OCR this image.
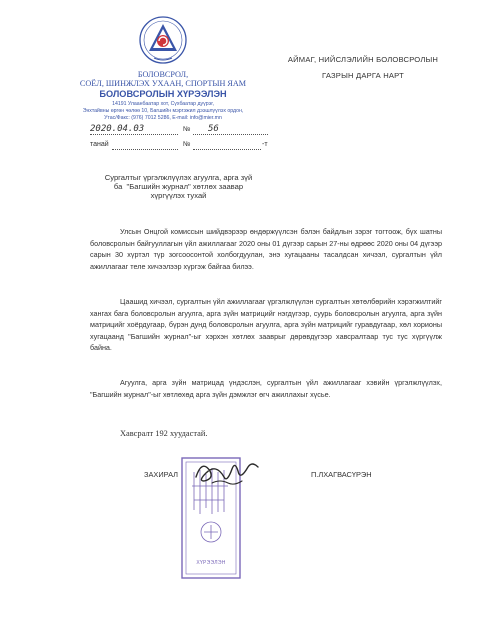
БОЛОВСРОЛ,
СОЁЛ, ШИНЖЛЭХ УХААН, СПОРТЫН ЯАМ
БОЛОВСРОЛЫН ХҮРЭЭЛЭН
14191 Улаанбаатар хот, Сүхбаатар дүүрэг,
Энхтайвны өргөн чөлөө 10, Багшийн мэргэжил дээшлүүлэх ордон,
Утас/Факс: (976) 7012 5286, E-mail: info@mier.mn
2020.04.03	№ 56
танай	№	-т
АЙМАГ, НИЙСЛЭЛИЙН БОЛОВСРОЛЫН
ГАЗРЫН ДАРГА НАРТ
Сургалтыг үргэлжлүүлэх агуулга, арга зүй
ба  "Багшийн журнал" хөтлөх заавар
хүргүүлэх тухай
Улсын Онцгой комиссын шийдвэрээр өндөржүүлсэн бэлэн байдлын зэрэг тогтоож, бүх шатны боловсролын байгууллагын үйл ажиллагааг 2020 оны 01 дүгээр сарын 27-ны өдрөөс 2020 оны 04 дүгээр сарын 30 хүртэл түр зогсоосонтой холбогдуулан, энэ хугацааны тасалдсан хичээл, сургалтын үйл ажиллагааг теле хичээлээр хүргэж байгаа билээ.
Цаашид хичээл, сургалтын үйл ажиллагааг үргэлжлүүлэн сургалтын хөтөлбөрийн хэрэгжилтийг хангах бага боловсролын агуулга, арга зүйн матрицийг нэгдүгээр, суурь боловсролын агуулга, арга зүйн матрицийг хоёрдугаар, бүрэн дунд боловсролын агуулга, арга зүйн матрицийг гуравдугаар, хөл хорионы хугацаанд "Багшийн журнал"-ыг хэрхэн хөтлөх зааврыг дөрөвдүгээр хавсралтаар тус тус хүргүүлж байна.
Агуулга, арга зүйн матрицад үндэслэн, сургалтын үйл ажиллагааг хэвийн үргэлжлүүлэх, "Багшийн журнал"-ыг хөтлөхөд арга зүйн дэмжлэг өгч ажиллахыг хүсье.
Хавсралт 192 хуудастай.
ХҮРЭЭЛЭН
ЗАХИРАЛ	П.ЛХАГВАСҮРЭН
